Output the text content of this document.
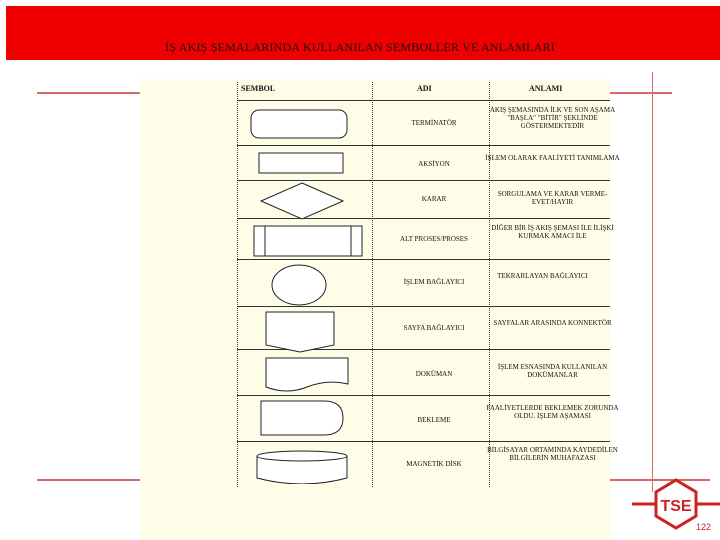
İŞ AKIŞ ŞEMALARINDA KULLANILAN SEMBOLLER VE ANLAMLARI
SEMBOL	ADI	ANLAMI
TERMİNATÖR
AKSİYON
KARAR
ALT PROSES/PROSES
İŞLEM BAĞLAYICI
SAYFA BAĞLAYICI
DOKÜMAN
BEKLEME
MAGNETİK DİSK
AKIŞ ŞEMASINDA İLK VE SON AŞAMA "BAŞLA" "BİTİR" ŞEKLİNDE GÖSTERMEKTEDİR
İŞLEM OLARAK FAALİYETİ TANIMLAMA
SORGULAMA VE KARAR VERME- EVET/HAYIR
DİĞER BİR İŞ AKIŞ ŞEMASI İLE İLİŞKİ KURMAK AMACI İLE
TEKRARLAYAN BAĞLAYICI
SAYFALAR ARASINDA KONNEKTÖR
İŞLEM ESNASINDA KULLANILAN DOKÜMANLAR
FAALİYETLERDE BEKLEMEK ZORUNDA OLDU. İŞLEM AŞAMASI
BİLGİSAYAR ORTAMINDA KAYDEDİLEN BİLGİLERİN MUHAFAZASI
TSE
122
